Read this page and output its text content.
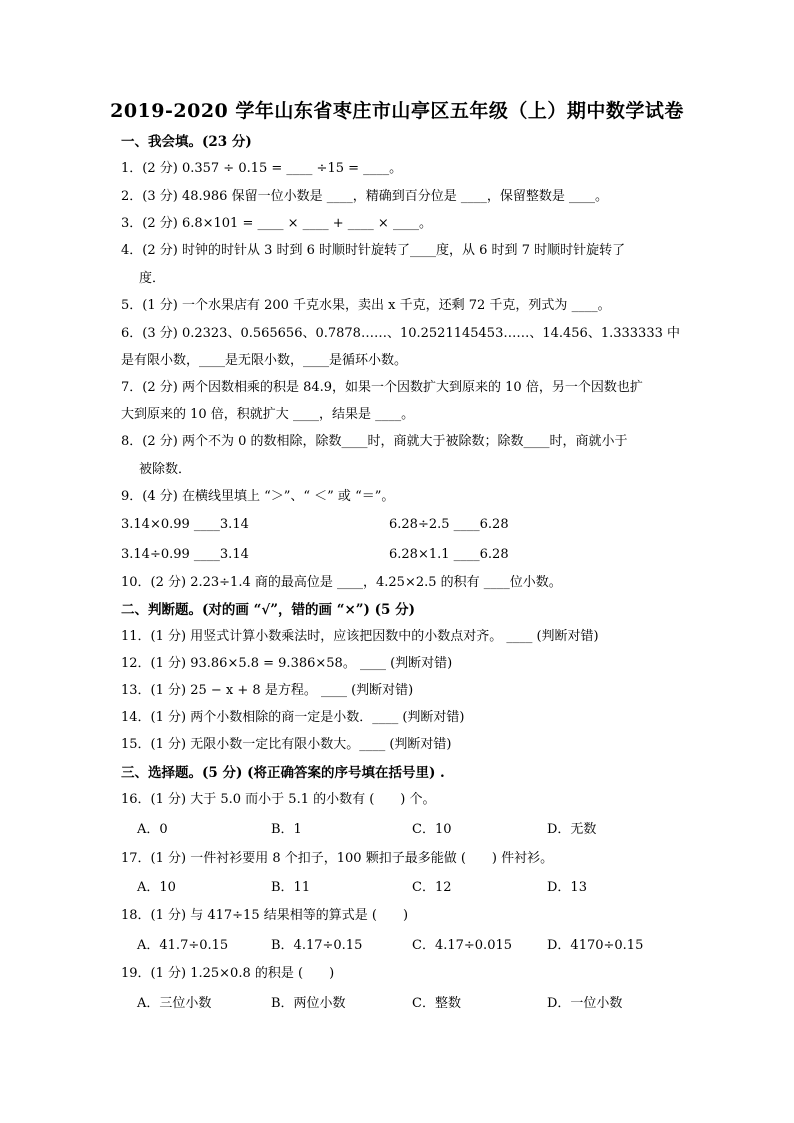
2019-2020 学年山东省枣庄市山亭区五年级（上）期中数学试卷
一、我会填。(23 分)
1．(2 分) 0.357 ÷ 0.15 = ____ ÷15 = ____。
2．(3 分) 48.986 保留一位小数是 ____，精确到百分位是 ____，保留整数是 ____。
3．(2 分) 6.8×101 = ____ × ____ + ____ × ____。
4．(2 分) 时钟的时针从 3 时到 6 时顺时针旋转了____度，从 6 时到 7 时顺时针旋转了
度．
5．(1 分) 一个水果店有 200 千克水果，卖出 x 千克，还剩 72 千克，列式为 ____。
6．(3 分) 0.2323、0.565656、0.7878……、10.2521145453……、14.456、1.333333 中
是有限小数，____是无限小数，____是循环小数。
7．(2 分) 两个因数相乘的积是 84.9，如果一个因数扩大到原来的 10 倍，另一个因数也扩
大到原来的 10 倍，积就扩大 ____，结果是 ____。
8．(2 分) 两个不为 0 的数相除，除数____时，商就大于被除数；除数____时，商就小于
被除数．
9．(4 分) 在横线里填上 “＞”、“ ＜” 或 “＝”。
3.14×0.99 ____3.14	6.28÷2.5 ____6.28
3.14÷0.99 ____3.14	6.28×1.1 ____6.28
10．(2 分) 2.23÷1.4 商的最高位是 ____，4.25×2.5 的积有 ____位小数。
二、判断题。(对的画 “√”，错的画 “×”) (5 分)
11．(1 分) 用竖式计算小数乘法时，应该把因数中的小数点对齐。 ____ (判断对错)
12．(1 分) 93.86×5.8 = 9.386×58。 ____ (判断对错)
13．(1 分) 25 − x + 8 是方程。 ____ (判断对错)
14．(1 分) 两个小数相除的商一定是小数．____ (判断对错)
15．(1 分) 无限小数一定比有限小数大。____ (判断对错)
三、选择题。(5 分) (将正确答案的序号填在括号里) .
16．(1 分) 大于 5.0 而小于 5.1 的小数有 (　　) 个。
A．0	B．1	C．10	D．无数
17．(1 分) 一件衬衫要用 8 个扣子，100 颗扣子最多能做 (　　) 件衬衫。
A．10	B．11	C．12	D．13
18．(1 分) 与 417÷15 结果相等的算式是 (　　)
A．41.7÷0.15	B．4.17÷0.15	C．4.17÷0.015	D．4170÷0.15
19．(1 分) 1.25×0.8 的积是 (　　)
A．三位小数	B．两位小数	C．整数	D．一位小数
